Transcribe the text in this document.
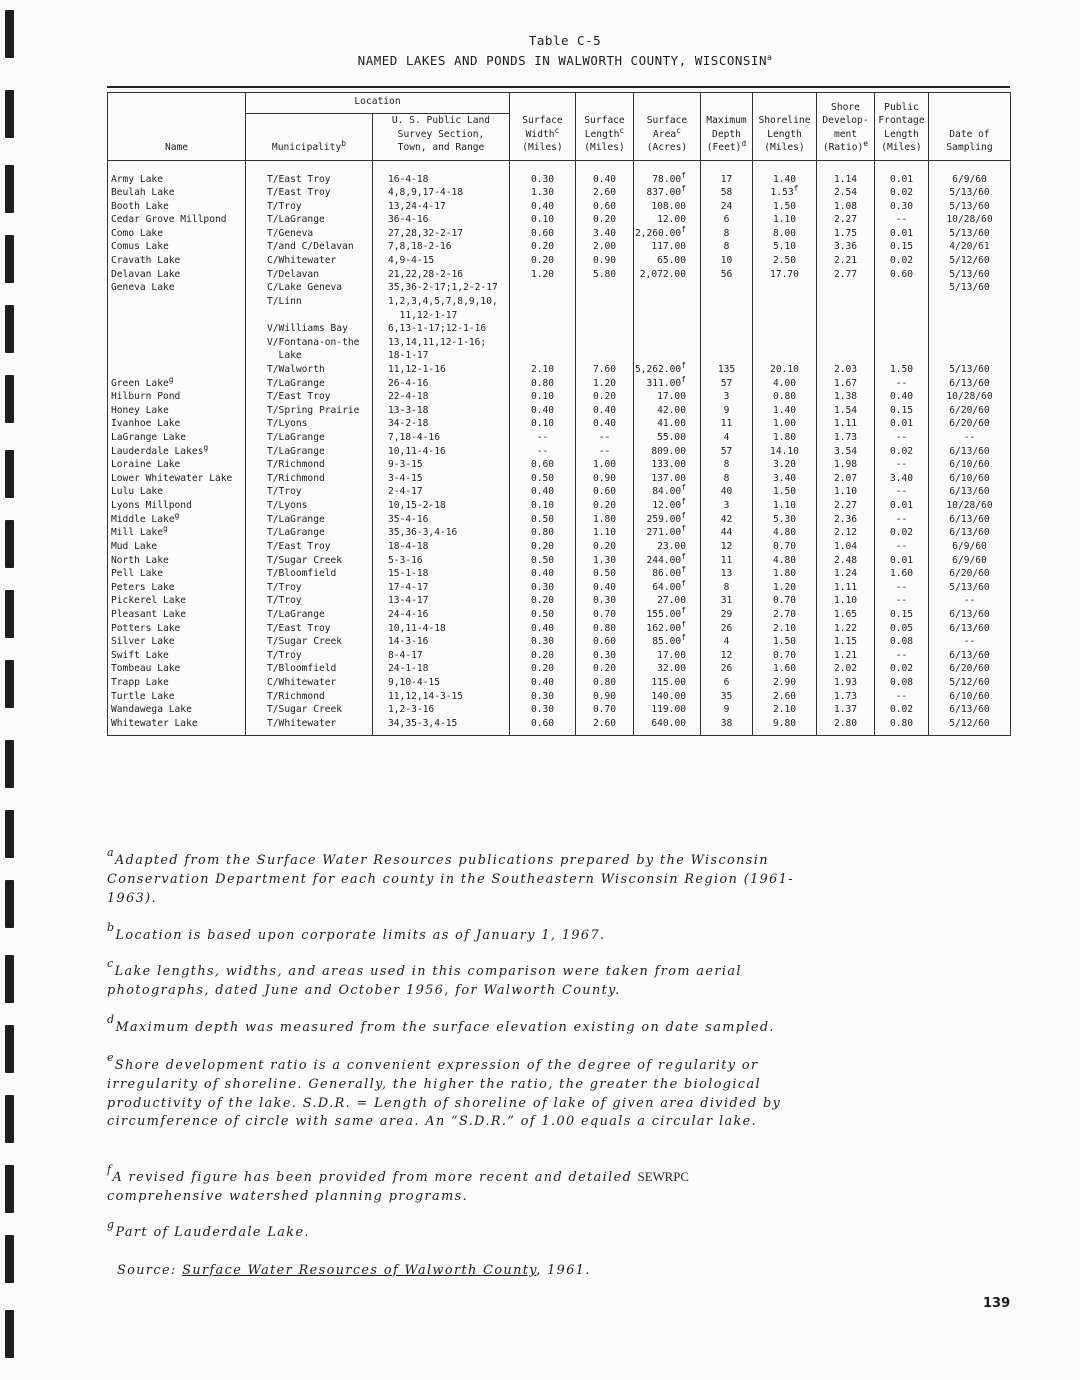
Table C-5
NAMED LAKES AND PONDS IN WALWORTH COUNTY, WISCONSIN$^a$
Name	Location		Surface
Width$^c$
(Miles)	Surface
Length$^c$
(Miles)	Surface
Area$^c$
(Acres)	Maximum
Depth
(Feet)$^d$	Shoreline
Length
(Miles)	Shore
Develop-
ment
(Ratio)$^e$	Public
Frontage
Length
(Miles)	Date of
Sampling
	Municipality$^b$	U. S. Public Land
Survey Section,
Town, and Range								
Army Lake	T/East Troy	16-4-18	0.30	0.40	78.00$^f$	17	1.40	1.14	0.01	6/9/60
Beulah Lake	T/East Troy	4,8,9,17-4-18	1.30	2.60	837.00$^f$	58	1.53$^f$	2.54	0.02	5/13/60
Booth Lake	T/Troy	13,24-4-17	0.40	0.60	108.00	24	1.50	1.08	0.30	5/13/60
Cedar Grove Millpond	T/LaGrange	36-4-16	0.10	0.20	12.00	6	1.10	2.27	--	10/28/60
Como Lake	T/Geneva	27,28,32-2-17	0.60	3.40	2,260.00$^f$	8	8.00	1.75	0.01	5/13/60
Comus Lake	T/and C/Delavan	7,8,18-2-16	0.20	2.00	117.00	8	5.10	3.36	0.15	4/20/61
Cravath Lake	C/Whitewater	4,9-4-15	0.20	0.90	65.00	10	2.50	2.21	0.02	5/12/60
Delavan Lake	T/Delavan	21,22,28-2-16	1.20	5.80	2,072.00	56	17.70	2.77	0.60	5/13/60
Geneva Lake	C/Lake Geneva	35,36-2-17;1,2-2-17								5/13/60
	T/Linn	1,2,3,4,5,7,8,9,10,								
		11,12-1-17								
	V/Williams Bay	6,13-1-17;12-1-16								
	V/Fontana-on-the	13,14,11,12-1-16;								
	Lake	18-1-17								
	T/Walworth	11,12-1-16	2.10	7.60	5,262.00$^f$	135	20.10	2.03	1.50	5/13/60
Green Lake$^g$	T/LaGrange	26-4-16	0.80	1.20	311.00$^f$	57	4.00	1.67	--	6/13/60
Hilburn Pond	T/East Troy	22-4-18	0.10	0.20	17.00	3	0.80	1.38	0.40	10/28/60
Honey Lake	T/Spring Prairie	13-3-18	0.40	0.40	42.00	9	1.40	1.54	0.15	6/20/60
Ivanhoe Lake	T/Lyons	34-2-18	0.10	0.40	41.00	11	1.00	1.11	0.01	6/20/60
LaGrange Lake	T/LaGrange	7,18-4-16	--	--	55.00	4	1.80	1.73	--	--
Lauderdale Lakes$^g$	T/LaGrange	10,11-4-16	--	--	809.00	57	14.10	3.54	0.02	6/13/60
Loraine Lake	T/Richmond	9-3-15	0.60	1.00	133.00	8	3.20	1.98	--	6/10/60
Lower Whitewater Lake	T/Richmond	3-4-15	0.50	0.90	137.00	8	3.40	2.07	3.40	6/10/60
Lulu Lake	T/Troy	2-4-17	0.40	0.60	84.00$^f$	40	1.50	1.10	--	6/13/60
Lyons Millpond	T/Lyons	10,15-2-18	0.10	0.20	12.00$^f$	3	1.10	2.27	0.01	10/28/60
Middle Lake$^g$	T/LaGrange	35-4-16	0.50	1.80	259.00$^f$	42	5.30	2.36	--	6/13/60
Mill Lake$^g$	T/LaGrange	35,36-3,4-16	0.80	1.10	271.00$^f$	44	4.80	2.12	0.02	6/13/60
Mud Lake	T/East Troy	18-4-18	0.20	0.20	23.00	12	0.70	1.04	--	6/9/60
North Lake	T/Sugar Creek	5-3-16	0.50	1.30	244.00$^f$	11	4.80	2.48	0.01	6/9/60
Pell Lake	T/Bloomfield	15-1-18	0.40	0.50	86.00$^f$	13	1.80	1.24	1.60	6/20/60
Peters Lake	T/Troy	17-4-17	0.30	0.40	64.00$^f$	8	1.20	1.11	--	5/13/60
Pickerel Lake	T/Troy	13-4-17	0.20	0.30	27.00	31	0.70	1.10	--	--
Pleasant Lake	T/LaGrange	24-4-16	0.50	0.70	155.00$^f$	29	2.70	1.65	0.15	6/13/60
Potters Lake	T/East Troy	10,11-4-18	0.40	0.80	162.00$^f$	26	2.10	1.22	0.05	6/13/60
Silver Lake	T/Sugar Creek	14-3-16	0.30	0.60	85.00$^f$	4	1.50	1.15	0.08	--
Swift Lake	T/Troy	8-4-17	0.20	0.30	17.00	12	0.70	1.21	--	6/13/60
Tombeau Lake	T/Bloomfield	24-1-18	0.20	0.20	32.00	26	1.60	2.02	0.02	6/20/60
Trapp Lake	C/Whitewater	9,10-4-15	0.40	0.80	115.00	6	2.90	1.93	0.08	5/12/60
Turtle Lake	T/Richmond	11,12,14-3-15	0.30	0.90	140.00	35	2.60	1.73	--	6/10/60
Wandawega Lake	T/Sugar Creek	1,2-3-16	0.30	0.70	119.00	9	2.10	1.37	0.02	6/13/60
Whitewater Lake	T/Whitewater	34,35-3,4-15	0.60	2.60	640.00	38	9.80	2.80	0.80	5/12/60
aAdapted from the Surface Water Resources publications prepared by the Wisconsin Conservation Department for each county in the Southeastern Wisconsin Region (1961-1963).
bLocation is based upon corporate limits as of January 1, 1967.
cLake lengths, widths, and areas used in this comparison were taken from aerial photographs, dated June and October 1956, for Walworth County.
dMaximum depth was measured from the surface elevation existing on date sampled.
eShore development ratio is a convenient expression of the degree of regularity or irregularity of shoreline. Generally, the higher the ratio, the greater the biological productivity of the lake. S.D.R. = Length of shoreline of lake of given area divided by circumference of circle with same area. An “S.D.R.” of 1.00 equals a circular lake.
fA revised figure has been provided from more recent and detailed SEWRPC comprehensive watershed planning programs.
gPart of Lauderdale Lake.
Source: Surface Water Resources of Walworth County, 1961.
139
